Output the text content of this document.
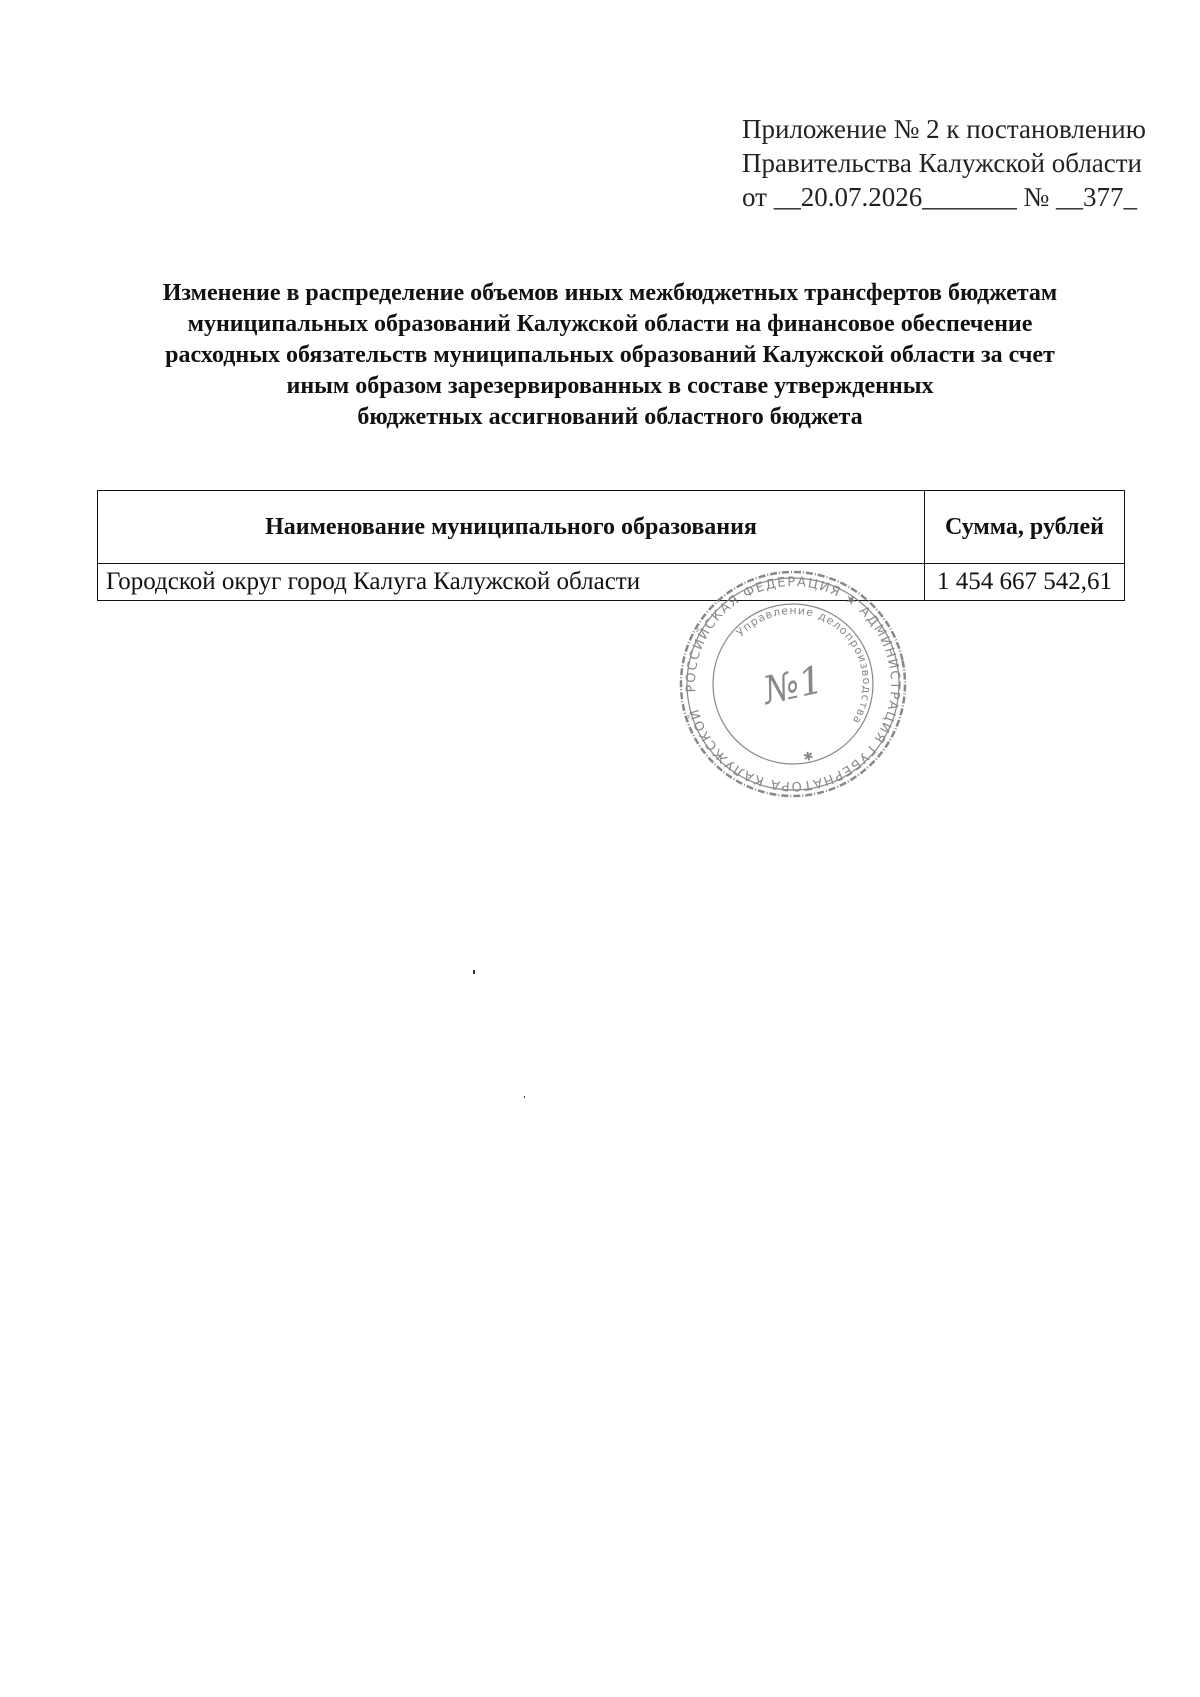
Приложение № 2 к постановлению
Правительства Калужской области
от __20.07.2026_______ № __377_
Изменение в распределение объемов иных межбюджетных трансфертов бюджетам
муниципальных образований Калужской области на финансовое обеспечение
расходных обязательств муниципальных образований Калужской области за счет
иным образом зарезервированных в составе утвержденных
бюджетных ассигнований областного бюджета
Наименование муниципального образования	Сумма, рублей
Городской округ город Калуга Калужской области	1 454 667 542,61
РОССИЙСКАЯ ФЕДЕРАЦИЯ ★ АДМИНИСТРАЦИЯ ГУБЕРНАТОРА КАЛУЖСКОЙ
Управление делопроизводства
№1
✱
